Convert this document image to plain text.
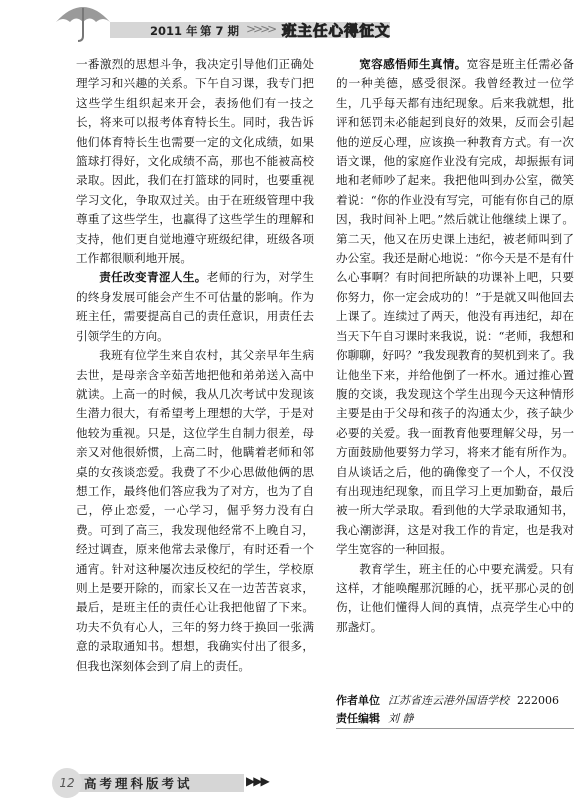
2011 年 第 7 期 >>>> 班主任心得征文

一番激烈的思想斗争，我决定引导他们正确处理学习和兴趣的关系。下午自习课，我专门把这些学生组织起来开会，表扬他们有一技之长，将来可以报考体育特长生。同时，我告诉他们体育特长生也需要一定的文化成绩，如果篮球打得好，文化成绩不高，那也不能被高校录取。因此，我们在打篮球的同时，也要重视学习文化，争取双过关。由于在班级管理中我尊重了这些学生，也赢得了这些学生的理解和支持，他们更自觉地遵守班级纪律，班级各项工作都很顺利地开展。

责任改变青涩人生。老师的行为，对学生的终身发展可能会产生不可估量的影响。作为班主任，需要提高自己的责任意识，用责任去引领学生的方向。

我班有位学生来自农村，其父亲早年生病去世，是母亲含辛茹苦地把他和弟弟送入高中就读。上高一的时候，我从几次考试中发现该生潜力很大，有希望考上理想的大学，于是对他较为重视。只是，这位学生自制力很差，母亲又对他很娇惯，上高二时，他瞒着老师和邻桌的女孩谈恋爱。我费了不少心思做他俩的思想工作，最终他们答应我为了对方，也为了自己，停止恋爱，一心学习，倔乎努力没有白费。可到了高三，我发现他经常不上晚自习，经过调查，原来他常去录像厅，有时还看一个通宵。针对这种屡次违反校纪的学生，学校原则上是要开除的，而家长又在一边苦苦哀求，最后，是班主任的责任心让我把他留了下来。功夫不负有心人，三年的努力终于换回一张满意的录取通知书。想想，我确实付出了很多，但我也深刻体会到了肩上的责任。

宽容感悟师生真情。宽容是班主任需必备的一种美德，感受很深。我曾经教过一位学生，几乎每天都有违纪现象。后来我就想，批评和惩罚未必能起到良好的效果，反而会引起他的逆反心理，应该换一种教育方式。有一次语文课，他的家庭作业没有完成，却振振有词地和老师吵了起来。我把他叫到办公室，微笑着说：“你的作业没有写完，可能有你自己的原因，我时间补上吧。”然后就让他继续上课了。第二天，他又在历史课上违纪，被老师叫到了办公室。我还是耐心地说：“你今天是不是有什么心事啊？有时间把所缺的功课补上吧，只要你努力，你一定会成功的！”于是就又叫他回去上课了。连续过了两天，他没有再违纪，却在当天下午自习课时来我说，说：“老师，我想和你聊聊，好吗？”我发现教育的契机到来了。我让他坐下来，并给他倒了一杯水。通过推心置腹的交谈，我发现这个学生出现今天这种情形主要是由于父母和孩子的沟通太少，孩子缺少必要的关爱。我一面教育他要理解父母，另一方面鼓励他要努力学习，将来才能有所作为。自从谈话之后，他的确像变了一个人，不仅没有出现违纪现象，而且学习上更加勤奋，最后被一所大学录取。看到他的大学录取通知书，我心潮澎湃，这是对我工作的肯定，也是我对学生宽容的一种回报。

教育学生，班主任的心中要充满爱。只有这样，才能唤醒那沉睡的心，抚平那心灵的创伤，让他们懂得人间的真情，点亮学生心中的那盏灯。

作者单位 江苏省连云港外国语学校 222006
责任编辑 刘 静
12 高考理科版考试	▶▶▶
